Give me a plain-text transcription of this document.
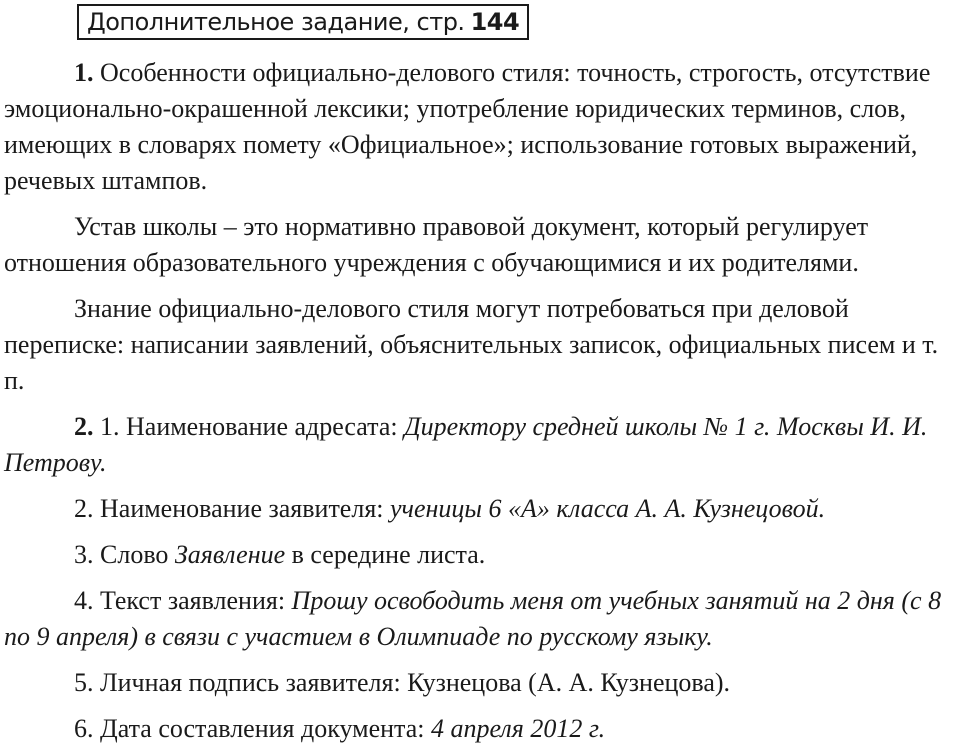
Дополнительное задание, стр. 144

1. Особенности официально-делового стиля: точность, строгость, отсутствие эмоционально-окрашенной лексики; употребление юридических терминов, слов, имеющих в словарях помету «Официальное»; использование готовых выражений, речевых штампов.

Устав школы – это нормативно правовой документ, который регулирует отношения образовательного учреждения с обучающимися и их родителями.

Знание официально-делового стиля могут потребоваться при деловой переписке: написании заявлений, объяснительных записок, официальных писем и т. п.

2. 1. Наименование адресата: Директору средней школы № 1 г. Москвы И. И. Петрову.

2. Наименование заявителя: ученицы 6 «А» класса А. А. Кузнецовой.

3. Слово Заявление в середине листа.

4. Текст заявления: Прошу освободить меня от учебных занятий на 2 дня (с 8 по 9 апреля) в связи с участием в Олимпиаде по русскому языку.

5. Личная подпись заявителя: Кузнецова (А. А. Кузнецова).

6. Дата составления документа: 4 апреля 2012 г.
